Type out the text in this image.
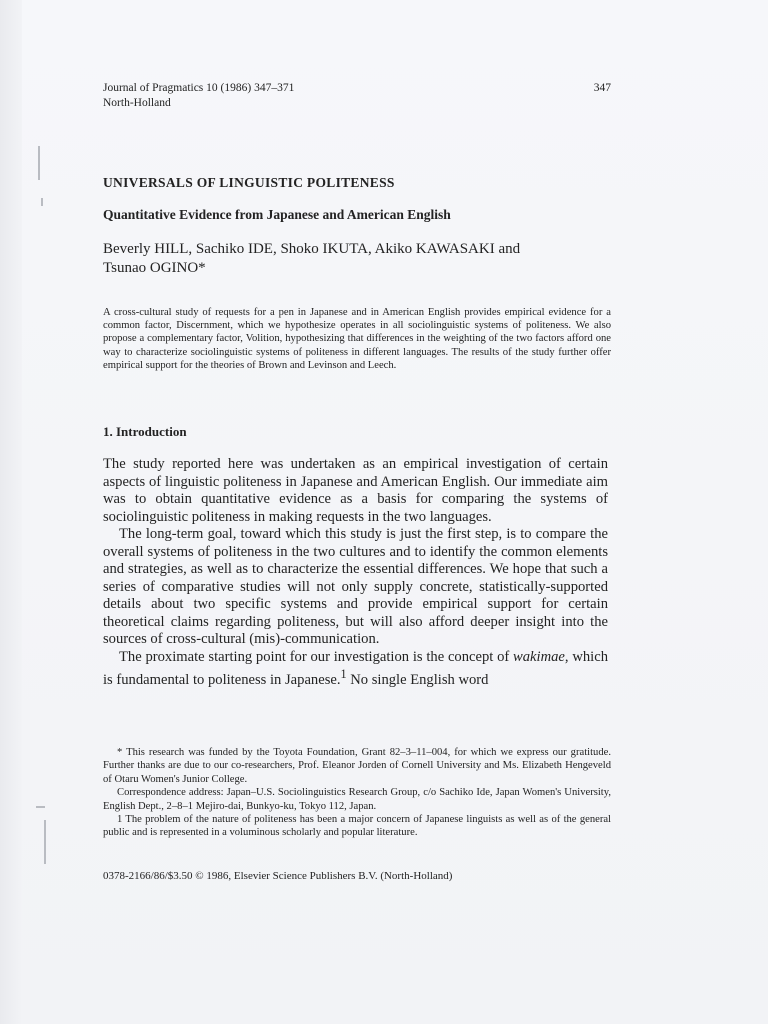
Journal of Pragmatics 10 (1986) 347–371
North-Holland
347
UNIVERSALS OF LINGUISTIC POLITENESS
Quantitative Evidence from Japanese and American English
Beverly HILL, Sachiko IDE, Shoko IKUTA, Akiko KAWASAKI and
Tsunao OGINO*
A cross-cultural study of requests for a pen in Japanese and in American English provides empirical evidence for a common factor, Discernment, which we hypothesize operates in all sociolinguistic systems of politeness. We also propose a complementary factor, Volition, hypothesizing that differences in the weighting of the two factors afford one way to characterize sociolinguistic systems of politeness in different languages. The results of the study further offer empirical support for the theories of Brown and Levinson and Leech.
1. Introduction

The study reported here was undertaken as an empirical investigation of certain aspects of linguistic politeness in Japanese and American English. Our immediate aim was to obtain quantitative evidence as a basis for comparing the systems of sociolinguistic politeness in making requests in the two languages.

The long-term goal, toward which this study is just the first step, is to compare the overall systems of politeness in the two cultures and to identify the common elements and strategies, as well as to characterize the essential differences. We hope that such a series of comparative studies will not only supply concrete, statistically-supported details about two specific systems and provide empirical support for certain theoretical claims regarding politeness, but will also afford deeper insight into the sources of cross-cultural (mis)-communication.

The proximate starting point for our investigation is the concept of wakimae, which is fundamental to politeness in Japanese.$^1$ No single English word

* This research was funded by the Toyota Foundation, Grant 82–3–11–004, for which we express our gratitude. Further thanks are due to our co-researchers, Prof. Eleanor Jorden of Cornell University and Ms. Elizabeth Hengeveld of Otaru Women's Junior College.

Correspondence address: Japan–U.S. Sociolinguistics Research Group, c/o Sachiko Ide, Japan Women's University, English Dept., 2–8–1 Mejiro-dai, Bunkyo-ku, Tokyo 112, Japan.

1 The problem of the nature of politeness has been a major concern of Japanese linguists as well as of the general public and is represented in a voluminous scholarly and popular literature.

0378-2166/86/$3.50 © 1986, Elsevier Science Publishers B.V. (North-Holland)
